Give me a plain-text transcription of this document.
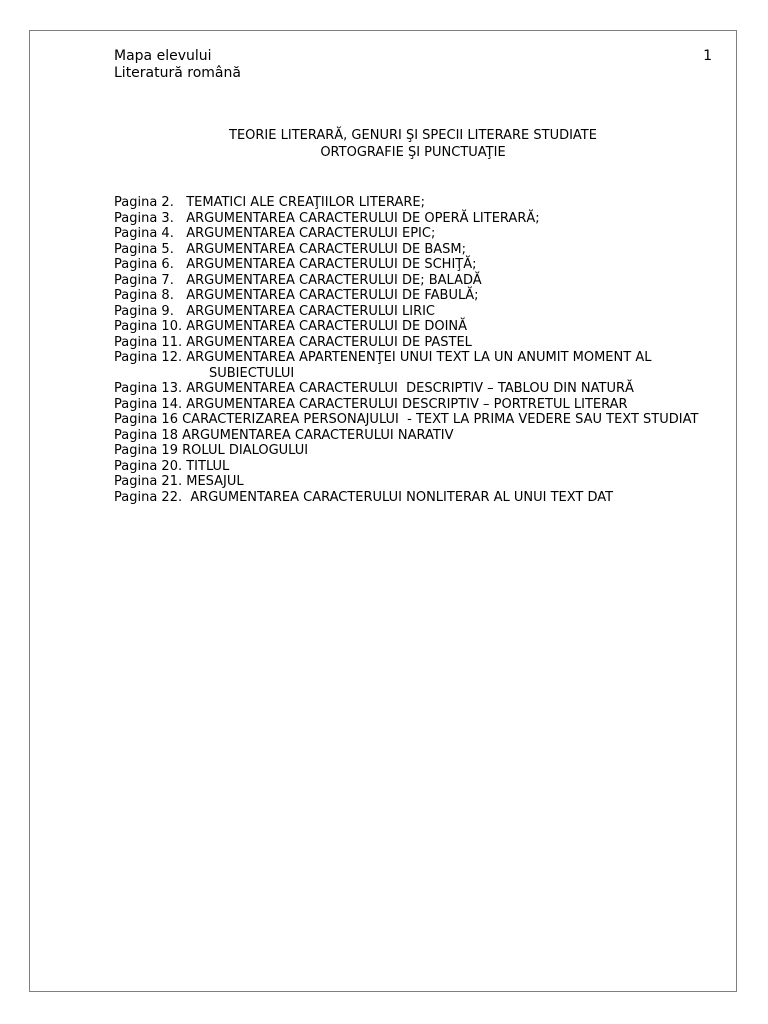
Mapa elevului
Literatură română
1
TEORIE LITERARĂ, GENURI ŞI SPECII LITERARE STUDIATE
ORTOGRAFIE ŞI PUNCTUAŢIE
Pagina 2.   TEMATICI ALE CREAŢIILOR LITERARE;
Pagina 3.   ARGUMENTAREA CARACTERULUI DE OPERĂ LITERARĂ;
Pagina 4.   ARGUMENTAREA CARACTERULUI EPIC;
Pagina 5.   ARGUMENTAREA CARACTERULUI DE BASM;
Pagina 6.   ARGUMENTAREA CARACTERULUI DE SCHIŢĂ;
Pagina 7.   ARGUMENTAREA CARACTERULUI DE; BALADĂ
Pagina 8.   ARGUMENTAREA CARACTERULUI DE FABULĂ;
Pagina 9.   ARGUMENTAREA CARACTERULUI LIRIC
Pagina 10. ARGUMENTAREA CARACTERULUI DE DOINĂ
Pagina 11. ARGUMENTAREA CARACTERULUI DE PASTEL
Pagina 12. ARGUMENTAREA APARTENENŢEI UNUI TEXT LA UN ANUMIT MOMENT AL
SUBIECTULUI
Pagina 13. ARGUMENTAREA CARACTERULUI  DESCRIPTIV – TABLOU DIN NATURĂ
Pagina 14. ARGUMENTAREA CARACTERULUI DESCRIPTIV – PORTRETUL LITERAR
Pagina 16 CARACTERIZAREA PERSONAJULUI  - TEXT LA PRIMA VEDERE SAU TEXT STUDIAT
Pagina 18 ARGUMENTAREA CARACTERULUI NARATIV
Pagina 19 ROLUL DIALOGULUI
Pagina 20. TITLUL
Pagina 21. MESAJUL
Pagina 22.  ARGUMENTAREA CARACTERULUI NONLITERAR AL UNUI TEXT DAT
